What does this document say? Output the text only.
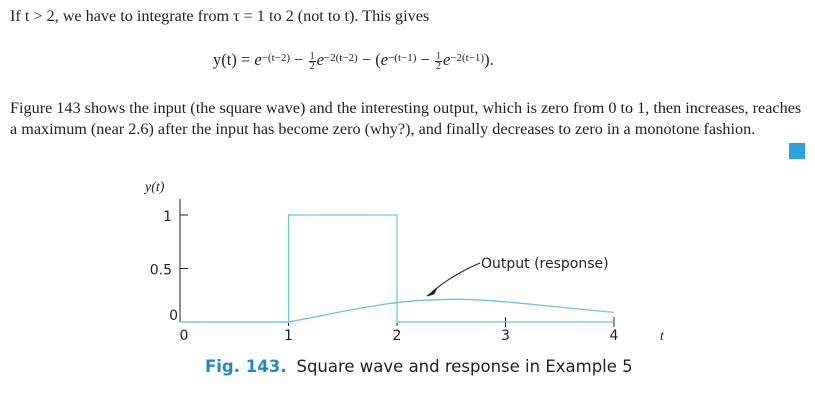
If t > 2, we have to integrate from τ = 1 to 2 (not to t). This gives

$y(t) = e^{-(t-2)} - \frac{1}{2} e^{-2(t-2)} - (e^{-(t-1)} - \frac{1}{2} e^{-2(t-1)})$.

Figure 143 shows the input (the square wave) and the interesting output, which is zero from 0 to 1, then increases, reaches a maximum (near 2.6) after the input has become zero (why?), and finally decreases to zero in a monotone fashion.

0
0.5
1
y(t)
0	1	2	3	4	t
Output (response)
Fig. 143. Square wave and response in Example 5
